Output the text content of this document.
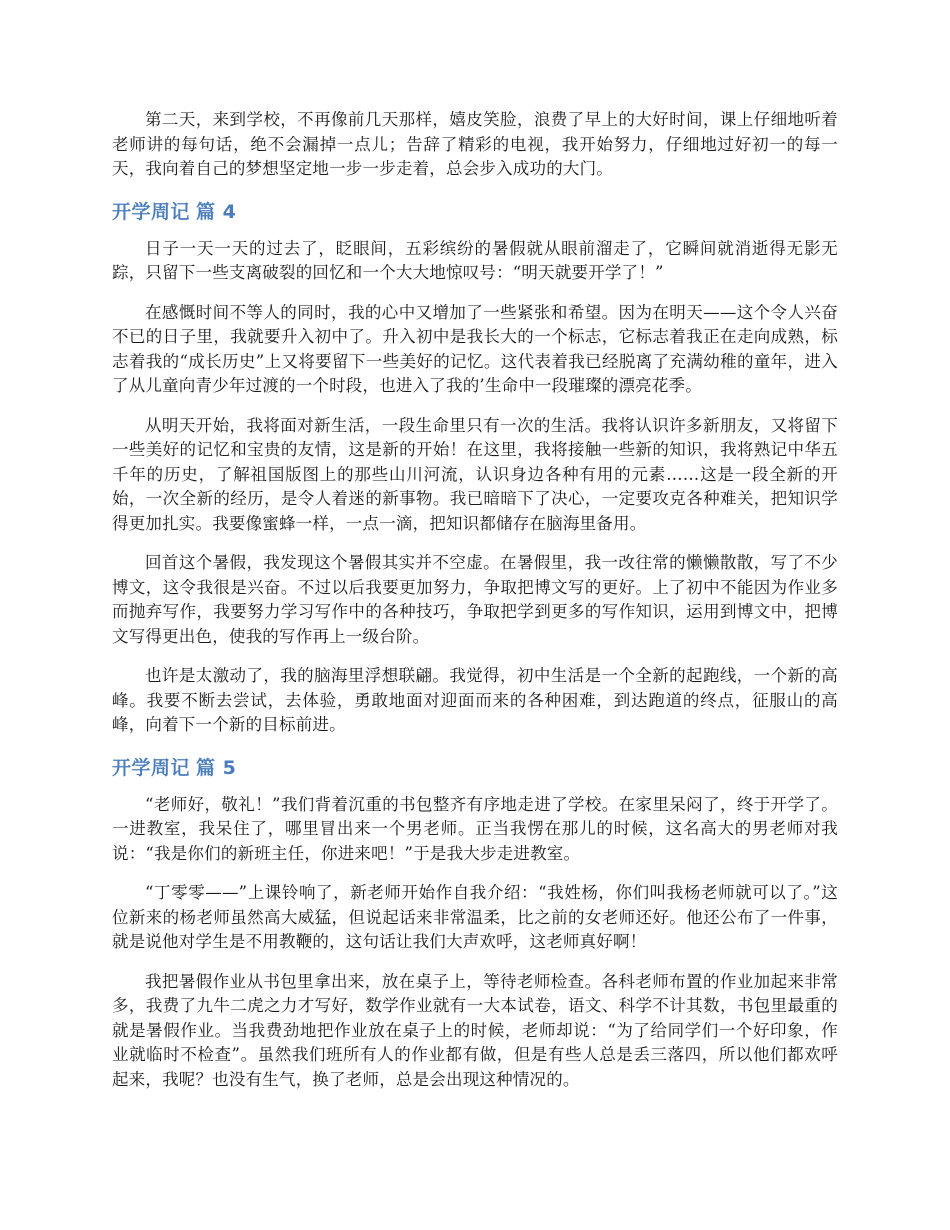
第二天，来到学校，不再像前几天那样，嬉皮笑脸，浪费了早上的大好时间，课上仔细地听着老师讲的每句话，绝不会漏掉一点儿；告辞了精彩的电视，我开始努力，仔细地过好初一的每一天，我向着自己的梦想坚定地一步一步走着，总会步入成功的大门。

开学周记 篇 4

日子一天一天的过去了，眨眼间，五彩缤纷的暑假就从眼前溜走了，它瞬间就消逝得无影无踪，只留下一些支离破裂的回忆和一个大大地惊叹号：“明天就要开学了！”

在感慨时间不等人的同时，我的心中又增加了一些紧张和希望。因为在明天——这个令人兴奋不已的日子里，我就要升入初中了。升入初中是我长大的一个标志，它标志着我正在走向成熟，标志着我的“成长历史”上又将要留下一些美好的记忆。这代表着我已经脱离了充满幼稚的童年，进入了从儿童向青少年过渡的一个时段，也进入了我的’生命中一段璀璨的漂亮花季。

从明天开始，我将面对新生活，一段生命里只有一次的生活。我将认识许多新朋友，又将留下一些美好的记忆和宝贵的友情，这是新的开始！在这里，我将接触一些新的知识，我将熟记中华五千年的历史，了解祖国版图上的那些山川河流，认识身边各种有用的元素……这是一段全新的开始，一次全新的经历，是令人着迷的新事物。我已暗暗下了决心，一定要攻克各种难关，把知识学得更加扎实。我要像蜜蜂一样，一点一滴，把知识都储存在脑海里备用。

回首这个暑假，我发现这个暑假其实并不空虚。在暑假里，我一改往常的懒懒散散，写了不少博文，这令我很是兴奋。不过以后我要更加努力，争取把博文写的更好。上了初中不能因为作业多而抛弃写作，我要努力学习写作中的各种技巧，争取把学到更多的写作知识，运用到博文中，把博文写得更出色，使我的写作再上一级台阶。

也许是太激动了，我的脑海里浮想联翩。我觉得，初中生活是一个全新的起跑线，一个新的高峰。我要不断去尝试，去体验，勇敢地面对迎面而来的各种困难，到达跑道的终点，征服山的高峰，向着下一个新的目标前进。

开学周记 篇 5

“老师好，敬礼！”我们背着沉重的书包整齐有序地走进了学校。在家里呆闷了，终于开学了。一进教室，我呆住了，哪里冒出来一个男老师。正当我愣在那儿的时候，这名高大的男老师对我说：“我是你们的新班主任，你进来吧！”于是我大步走进教室。

“丁零零——”上课铃响了，新老师开始作自我介绍：“我姓杨，你们叫我杨老师就可以了。”这位新来的杨老师虽然高大威猛，但说起话来非常温柔，比之前的女老师还好。他还公布了一件事，就是说他对学生是不用教鞭的，这句话让我们大声欢呼，这老师真好啊！

我把暑假作业从书包里拿出来，放在桌子上，等待老师检查。各科老师布置的作业加起来非常多，我费了九牛二虎之力才写好，数学作业就有一大本试卷，语文、科学不计其数，书包里最重的就是暑假作业。当我费劲地把作业放在桌子上的时候，老师却说：“为了给同学们一个好印象，作业就临时不检查”。虽然我们班所有人的作业都有做，但是有些人总是丢三落四，所以他们都欢呼起来，我呢？也没有生气，换了老师，总是会出现这种情况的。
